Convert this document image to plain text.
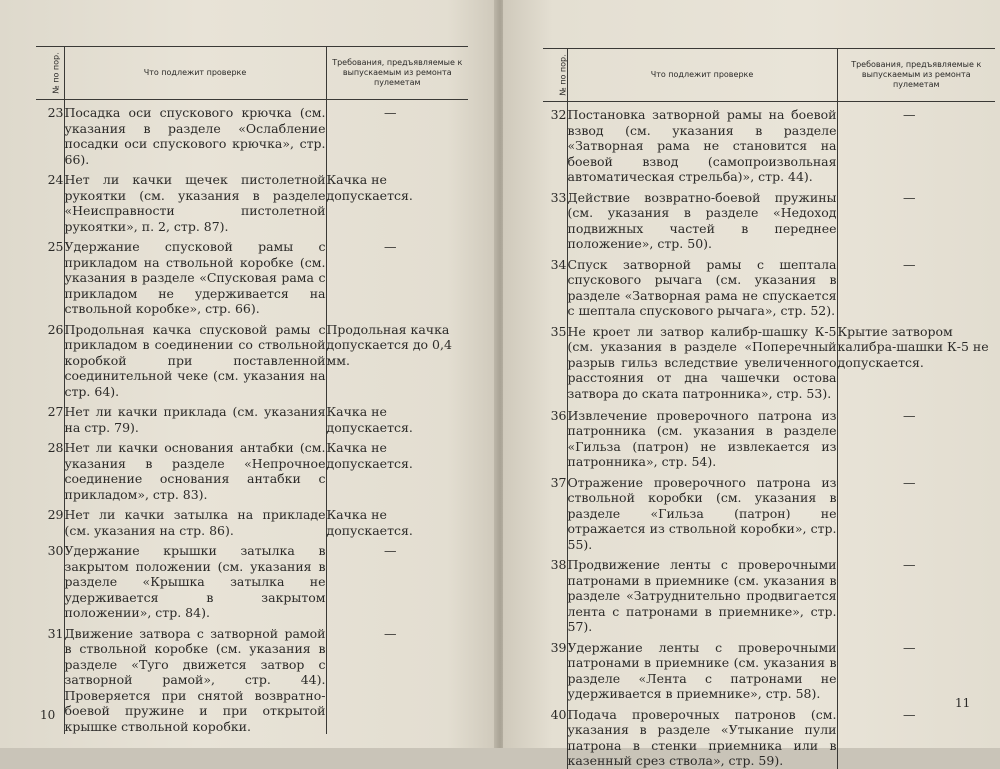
№ по пор.	Что подлежит проверке	Требования, предъявляемые к выпускаемым из ремонта пулеметам
23	Посадка оси спускового крючка (см. указания в разделе «Ослабление посадки оси спускового крючка», стр. 66).	—

24	Нет ли качки щечек пистолетной рукоятки (см. указания в разделе «Неисправности пистолетной рукоятки», п. 2, стр. 87).	Качка не допускается.
25	Удержание спусковой рамы с прикладом на ствольной коробке (см. указания в разделе «Спусковая рама с прикладом не удерживается на ствольной коробке», стр. 66).	—

26	Продольная качка спусковой рамы с прикладом в соединении со ствольной коробкой при поставленной соединительной чеке (см. указания на стр. 64).	Продольная качка допускается до 0,4 мм.
27	Нет ли качки приклада (см. указания на стр. 79).	Качка не допускается.
28	Нет ли качки основания антабки (см. указания в разделе «Непрочное соединение основания антабки с прикладом», стр. 83).	Качка не допускается.
29	Нет ли качки затылка на прикладе (см. указания на стр. 86).	Качка не допускается.
30	Удержание крышки затылка в закрытом положении (см. указания в разделе «Крышка затылка не удерживается в закрытом положении», стр. 84).	—

31	Движение затвора с затворной рамой в ствольной коробке (см. указания в разделе «Туго движется затвор с затворной рамой», стр. 44). Проверяется при снятой возвратно-боевой пружине и при открытой крышке ствольной коробки.	—
10
№ по пор.	Что подлежит проверке	Требования, предъявляемые к выпускаемым из ремонта пулеметам
32	Постановка затворной рамы на боевой взвод (см. указания в разделе «Затворная рама не становится на боевой взвод (самопроизвольная автоматическая стрельба)», стр. 44).	—

33	Действие возвратно-боевой пружины (см. указания в разделе «Недоход подвижных частей в переднее положение», стр. 50).	—

34	Спуск затворной рамы с шептала спускового рычага (см. указания в разделе «Затворная рама не спускается с шептала спускового рычага», стр. 52).	—

35	Не кроет ли затвор калибр-шашку К-5 (см. указания в разделе «Поперечный разрыв гильз вследствие увеличенного расстояния от дна чашечки остова затвора до ската патронника», стр. 53).	Крытие затвором калибра-шашки К-5 не допускается.
36	Извлечение проверочного патрона из патронника (см. указания в разделе «Гильза (патрон) не извлекается из патронника», стр. 54).	—

37	Отражение проверочного патрона из ствольной коробки (см. указания в разделе «Гильза (патрон) не отражается из ствольной коробки», стр. 55).	—

38	Продвижение ленты с проверочными патронами в приемнике (см. указания в разделе «Затруднительно продвигается лента с патронами в приемнике», стр. 57).	—

39	Удержание ленты с проверочными патронами в приемнике (см. указания в разделе «Лента с патронами не удерживается в приемнике», стр. 58).	—

40	Подача проверочных патронов (см. указания в разделе «Утыкание пули патрона в стенки приемника или в казенный срез ствола», стр. 59).	—
11
